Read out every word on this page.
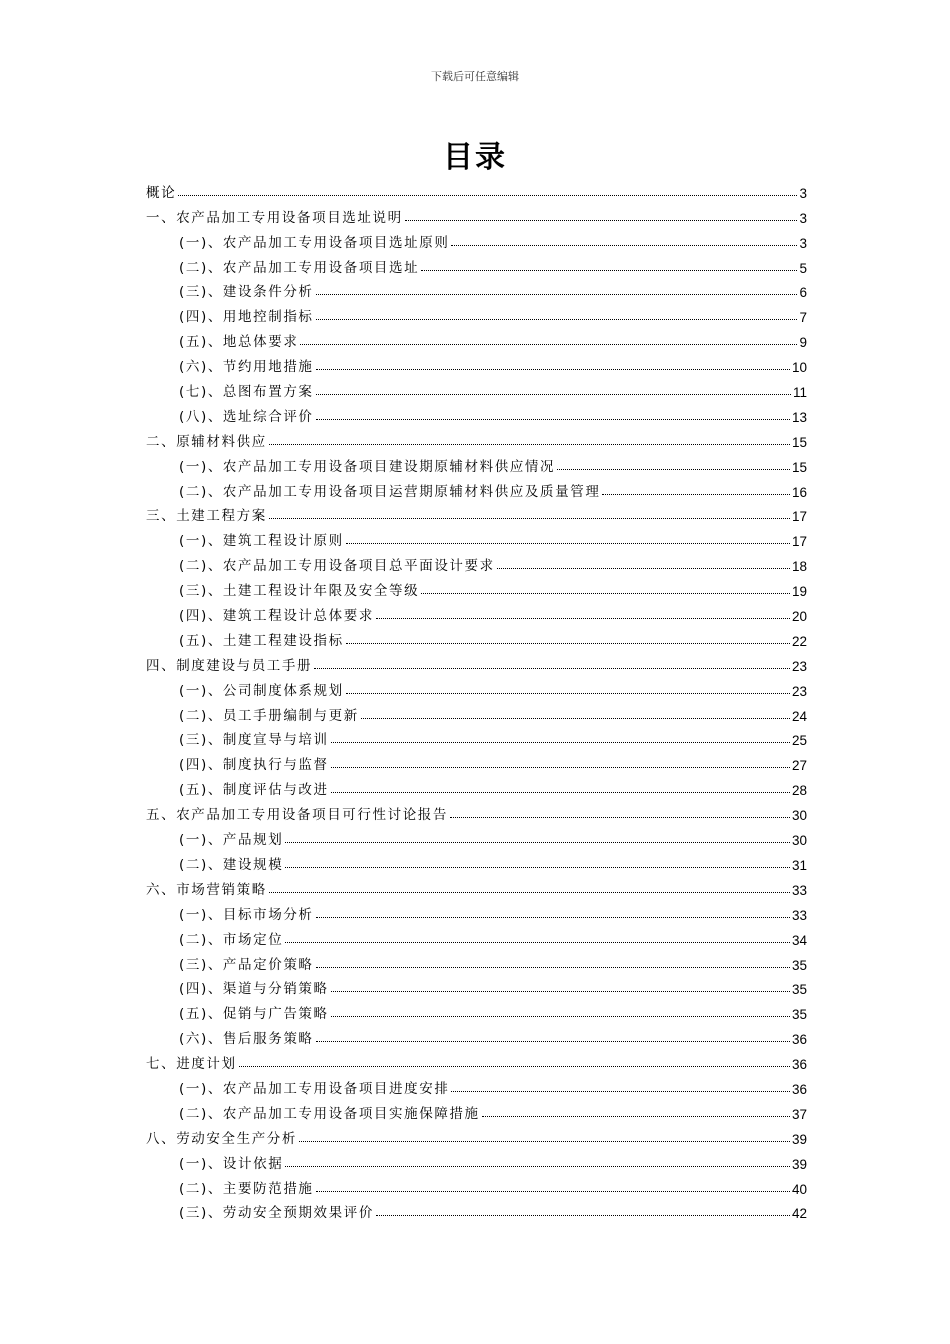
下载后可任意编辑
目录
概论	3
一、农产品加工专用设备项目选址说明	3
(一)、农产品加工专用设备项目选址原则	3
(二)、农产品加工专用设备项目选址	5
(三)、建设条件分析	6
(四)、用地控制指标	7
(五)、地总体要求	9
(六)、节约用地措施	10
(七)、总图布置方案	11
(八)、选址综合评价	13
二、原辅材料供应	15
(一)、农产品加工专用设备项目建设期原辅材料供应情况	15
(二)、农产品加工专用设备项目运营期原辅材料供应及质量管理	16
三、土建工程方案	17
(一)、建筑工程设计原则	17
(二)、农产品加工专用设备项目总平面设计要求	18
(三)、土建工程设计年限及安全等级	19
(四)、建筑工程设计总体要求	20
(五)、土建工程建设指标	22
四、制度建设与员工手册	23
(一)、公司制度体系规划	23
(二)、员工手册编制与更新	24
(三)、制度宣导与培训	25
(四)、制度执行与监督	27
(五)、制度评估与改进	28
五、农产品加工专用设备项目可行性讨论报告	30
(一)、产品规划	30
(二)、建设规模	31
六、市场营销策略	33
(一)、目标市场分析	33
(二)、市场定位	34
(三)、产品定价策略	35
(四)、渠道与分销策略	35
(五)、促销与广告策略	35
(六)、售后服务策略	36
七、进度计划	36
(一)、农产品加工专用设备项目进度安排	36
(二)、农产品加工专用设备项目实施保障措施	37
八、劳动安全生产分析	39
(一)、设计依据	39
(二)、主要防范措施	40
(三)、劳动安全预期效果评价	42
